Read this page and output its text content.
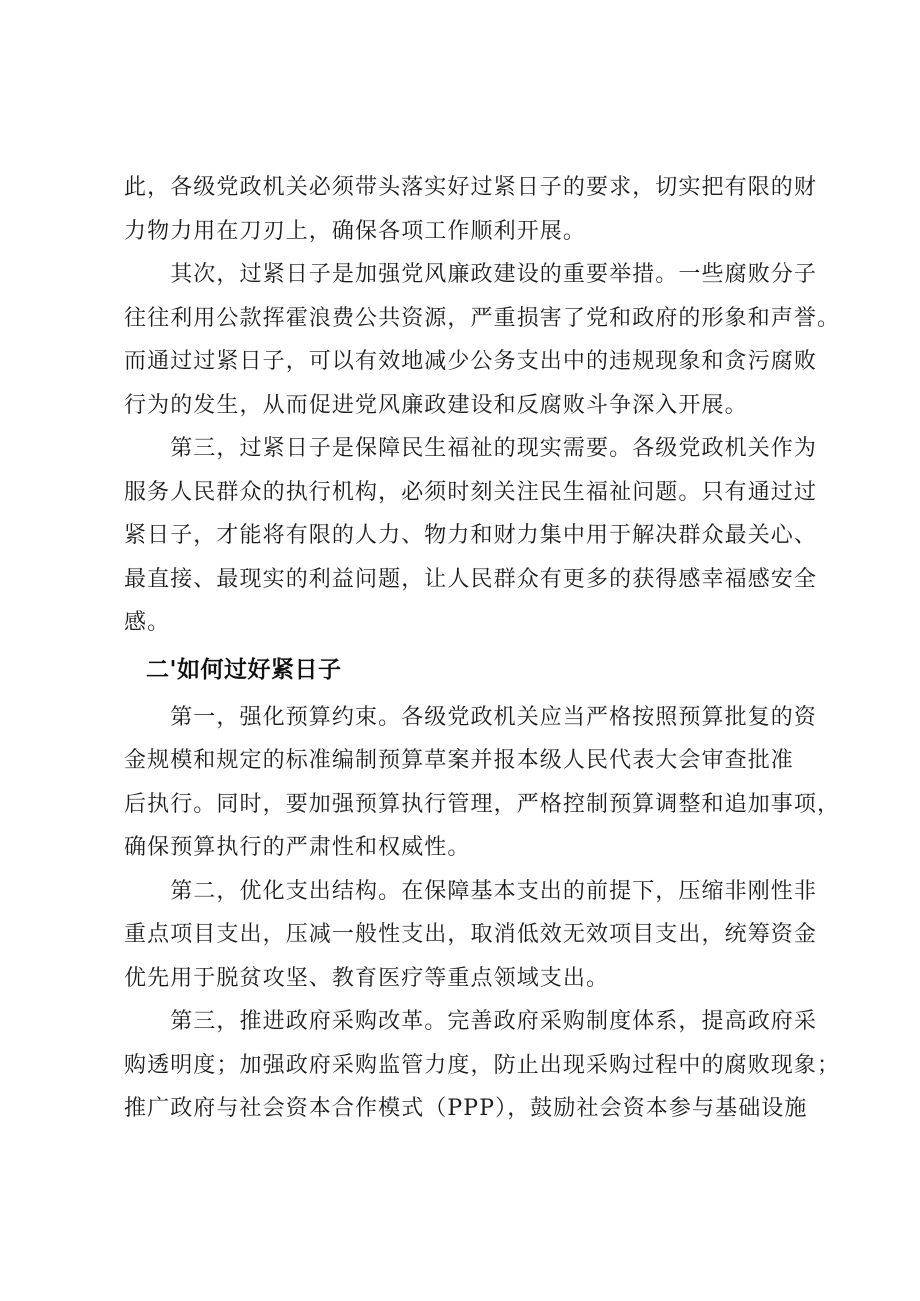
此，各级党政机关必须带头落实好过紧日子的要求，切实把有限的财
力物力用在刀刃上，确保各项工作顺利开展。
　　其次，过紧日子是加强党风廉政建设的重要举措。一些腐败分子
往往利用公款挥霍浪费公共资源，严重损害了党和政府的形象和声誉。
而通过过紧日子，可以有效地减少公务支出中的违规现象和贪污腐败
行为的发生，从而促进党风廉政建设和反腐败斗争深入开展。
　　第三，过紧日子是保障民生福祉的现实需要。各级党政机关作为
服务人民群众的执行机构，必须时刻关注民生福祉问题。只有通过过
紧日子，才能将有限的人力、物力和财力集中用于解决群众最关心、
最直接、最现实的利益问题，让人民群众有更多的获得感幸福感安全
感。
二'如何过好紧日子
　　第一，强化预算约束。各级党政机关应当严格按照预算批复的资
金规模和规定的标准编制预算草案并报本级人民代表大会审查批准
后执行。同时，要加强预算执行管理，严格控制预算调整和追加事项，
确保预算执行的严肃性和权威性。
　　第二，优化支出结构。在保障基本支出的前提下，压缩非刚性非
重点项目支出，压减一般性支出，取消低效无效项目支出，统筹资金
优先用于脱贫攻坚、教育医疗等重点领域支出。
　　第三，推进政府采购改革。完善政府采购制度体系，提高政府采
购透明度；加强政府采购监管力度，防止出现采购过程中的腐败现象；
推广政府与社会资本合作模式（PPP），鼓励社会资本参与基础设施
